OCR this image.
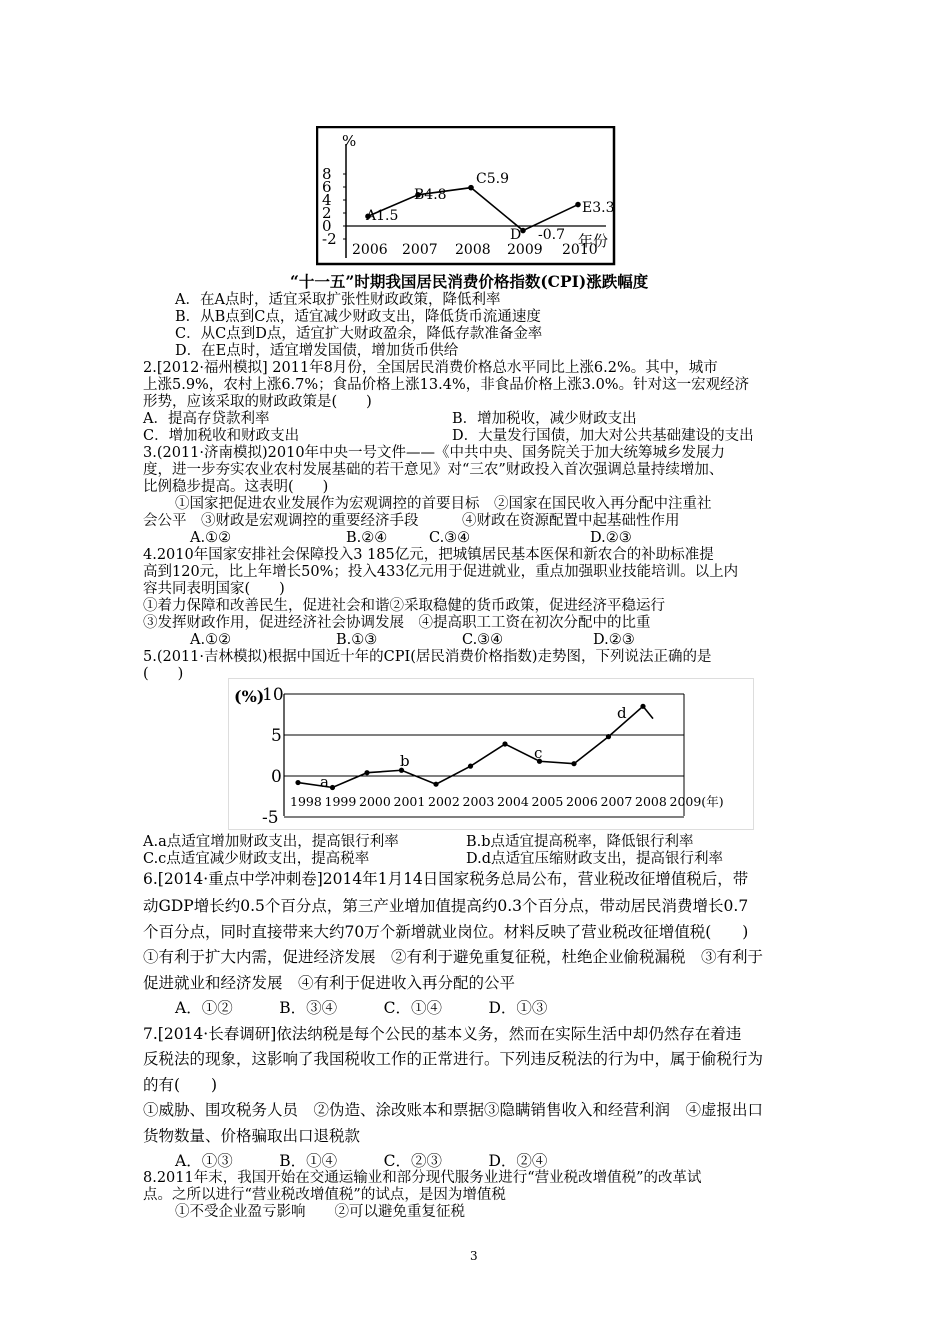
%
8
6
4
2
0
-2
2006 2007 2008 2009 2010
A1.5
B4.8
C5.9
D -0.7
E3.3
年份
“十一五”时期我国居民消费价格指数(CPI)涨跌幅度
A．在A点时，适宜采取扩张性财政政策，降低利率
B．从B点到C点，适宜减少财政支出，降低货币流通速度
C．从C点到D点，适宜扩大财政盈余，降低存款准备金率
D．在E点时，适宜增发国债，增加货币供给
2.[2012·福州模拟] 2011年8月份，全国居民消费价格总水平同比上涨6.2%。其中，城市
上涨5.9%，农村上涨6.7%；食品价格上涨13.4%，非食品价格上涨3.0%。针对这一宏观经济
形势，应该采取的财政政策是(　　)
A．提高存贷款利率	B．增加税收，减少财政支出
C．增加税收和财政支出	D．大量发行国债，加大对公共基础建设的支出
3.(2011·济南模拟)2010年中央一号文件——《中共中央、国务院关于加大统筹城乡发展力
度，进一步夯实农业农村发展基础的若干意见》对“三农”财政投入首次强调总量持续增加、
比例稳步提高。这表明(　　)
①国家把促进农业发展作为宏观调控的首要目标　②国家在国民收入再分配中注重社
会公平　③财政是宏观调控的重要经济手段　　　④财政在资源配置中起基础性作用
A.①②	B.②④	C.③④	D.②③
4.2010年国家安排社会保障投入3 185亿元，把城镇居民基本医保和新农合的补助标准提
高到120元，比上年增长50%；投入433亿元用于促进就业，重点加强职业技能培训。以上内
容共同表明国家(　　)
①着力保障和改善民生，促进社会和谐②采取稳健的货币政策，促进经济平稳运行
③发挥财政作用，促进经济社会协调发展　④提高职工工资在初次分配中的比重
A.①②	B.①③	C.③④	D.②③
5.(2011·吉林模拟)根据中国近十年的CPI(居民消费价格指数)走势图，下列说法正确的是
(　　)
(%)
10
5
0
-5
1998 1999 2000 2001 2002 2003 2004 2005 2006 2007 2008 2009(年)
a
b	c
d
A.a点适宜增加财政支出，提高银行利率	B.b点适宜提高税率，降低银行利率
C.c点适宜减少财政支出，提高税率	D.d点适宜压缩财政支出，提高银行利率
6.[2014·重点中学冲刺卷]2014年1月14日国家税务总局公布，营业税改征增值税后，带
动GDP增长约0.5个百分点，第三产业增加值提高约0.3个百分点，带动居民消费增长0.7
个百分点，同时直接带来大约70万个新增就业岗位。材料反映了营业税改征增值税(　　)
①有利于扩大内需，促进经济发展　②有利于避免重复征税，杜绝企业偷税漏税　③有利于
促进就业和经济发展　④有利于促进收入再分配的公平
A．①②　　　B．③④　　　C．①④　　　D．①③
7.[2014·长春调研]依法纳税是每个公民的基本义务，然而在实际生活中却仍然存在着违
反税法的现象，这影响了我国税收工作的正常进行。下列违反税法的行为中，属于偷税行为
的有(　　)
①威胁、围攻税务人员　②伪造、涂改账本和票据③隐瞒销售收入和经营利润　④虚报出口
货物数量、价格骗取出口退税款
A．①③　　　B．①④　　　C．②③　　　D．②④
8.2011年末，我国开始在交通运输业和部分现代服务业进行“营业税改增值税”的改革试
点。之所以进行“营业税改增值税”的试点，是因为增值税
①不受企业盈亏影响　　②可以避免重复征税
3
